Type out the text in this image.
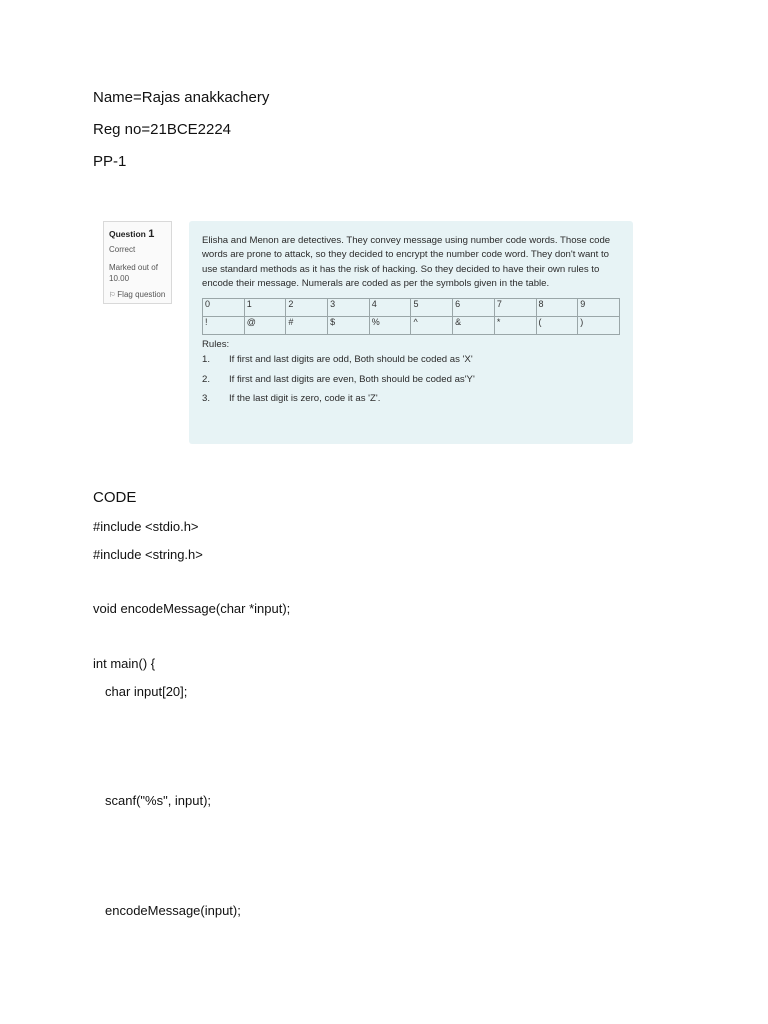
Name=Rajas anakkachery
Reg no=21BCE2224
PP-1
Question 1
Correct
Marked out of 10.00
⚐ Flag question

Elisha and Menon are detectives. They convey message using number code words. Those code words are prone to attack, so they decided to encrypt the number code word. They don't want to use standard methods as it has the risk of hacking. So they decided to have their own rules to encode their message. Numerals are coded as per the symbols given in the table.

0	1	2	3	4	5	6	7	8	9
!	@	#	$	%	^	&	*	(	)
Rules:
1.	If first and last digits are odd, Both should be coded as 'X'
2.	If first and last digits are even, Both should be coded as'Y'
3.	If the last digit is zero, code it as 'Z'.
CODE
#include <stdio.h>
#include <string.h>
void encodeMessage(char *input);
int main() {
char input[20];
scanf("%s", input);
encodeMessage(input);
